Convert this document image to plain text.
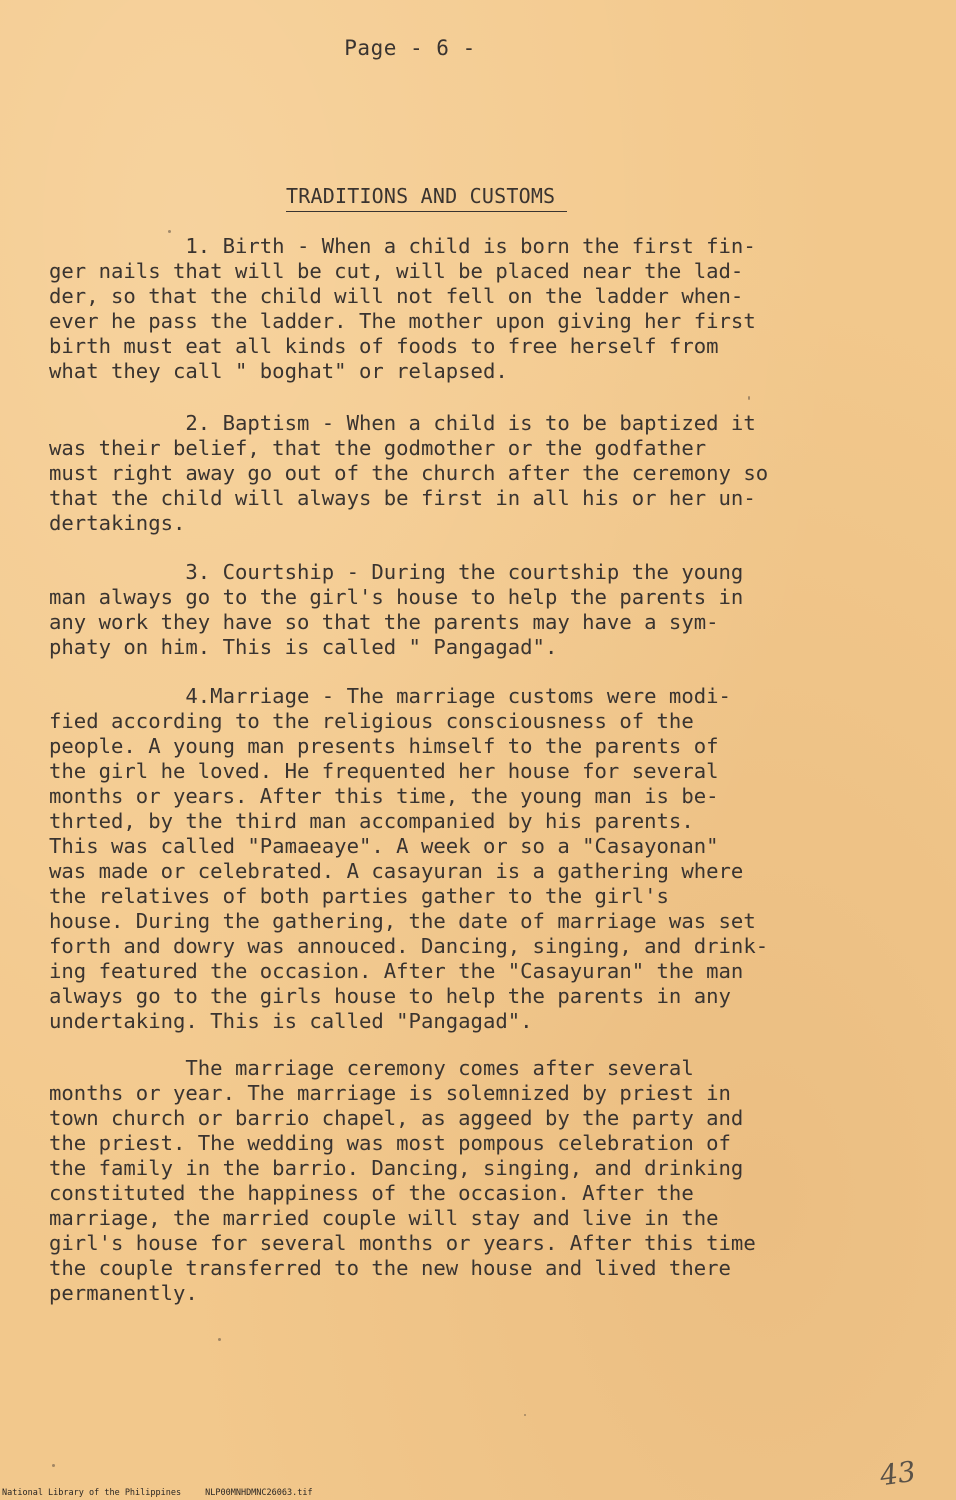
Page - 6 -
TRADITIONS AND CUSTOMS

1. Birth - When a child is born the first fin-
ger nails that will be cut, will be placed near the lad-
der, so that the child will not fell on the ladder when-
ever he pass the ladder. The mother upon giving her first
birth must eat all kinds of foods to free herself from
what they call " boghat" or relapsed.

2. Baptism - When a child is to be baptized it
was their belief, that the godmother or the godfather
must right away go out of the church after the ceremony so
that the child will always be first in all his or her un-
dertakings.

3. Courtship - During the courtship the young
man always go to the girl's house to help the parents in
any work they have so that the parents may have a sym-
phaty on him. This is called " Pangagad".

4.Marriage - The marriage customs were modi-
fied according to the religious consciousness of the
people. A young man presents himself to the parents of
the girl he loved. He frequented her house for several
months or years. After this time, the young man is be-
thrted, by the third man accompanied by his parents.
This was called "Pamaeaye". A week or so a "Casayonan"
was made or celebrated. A casayuran is a gathering where
the relatives of both parties gather to the girl's
house. During the gathering, the date of marriage was set
forth and dowry was annouced. Dancing, singing, and drink-
ing featured the occasion. After the "Casayuran" the man
always go to the girls house to help the parents in any
undertaking. This is called "Pangagad".

The marriage ceremony comes after several
months or year. The marriage is solemnized by priest in
town church or barrio chapel, as aggeed by the party and
the priest. The wedding was most pompous celebration of
the family in the barrio. Dancing, singing, and drinking
constituted the happiness of the occasion. After the
marriage, the married couple will stay and live in the
girl's house for several months or years. After this time
the couple transferred to the new house and lived there
permanently.

43
National Library of the Philippines	NLP00MNHDMNC26063.tif
